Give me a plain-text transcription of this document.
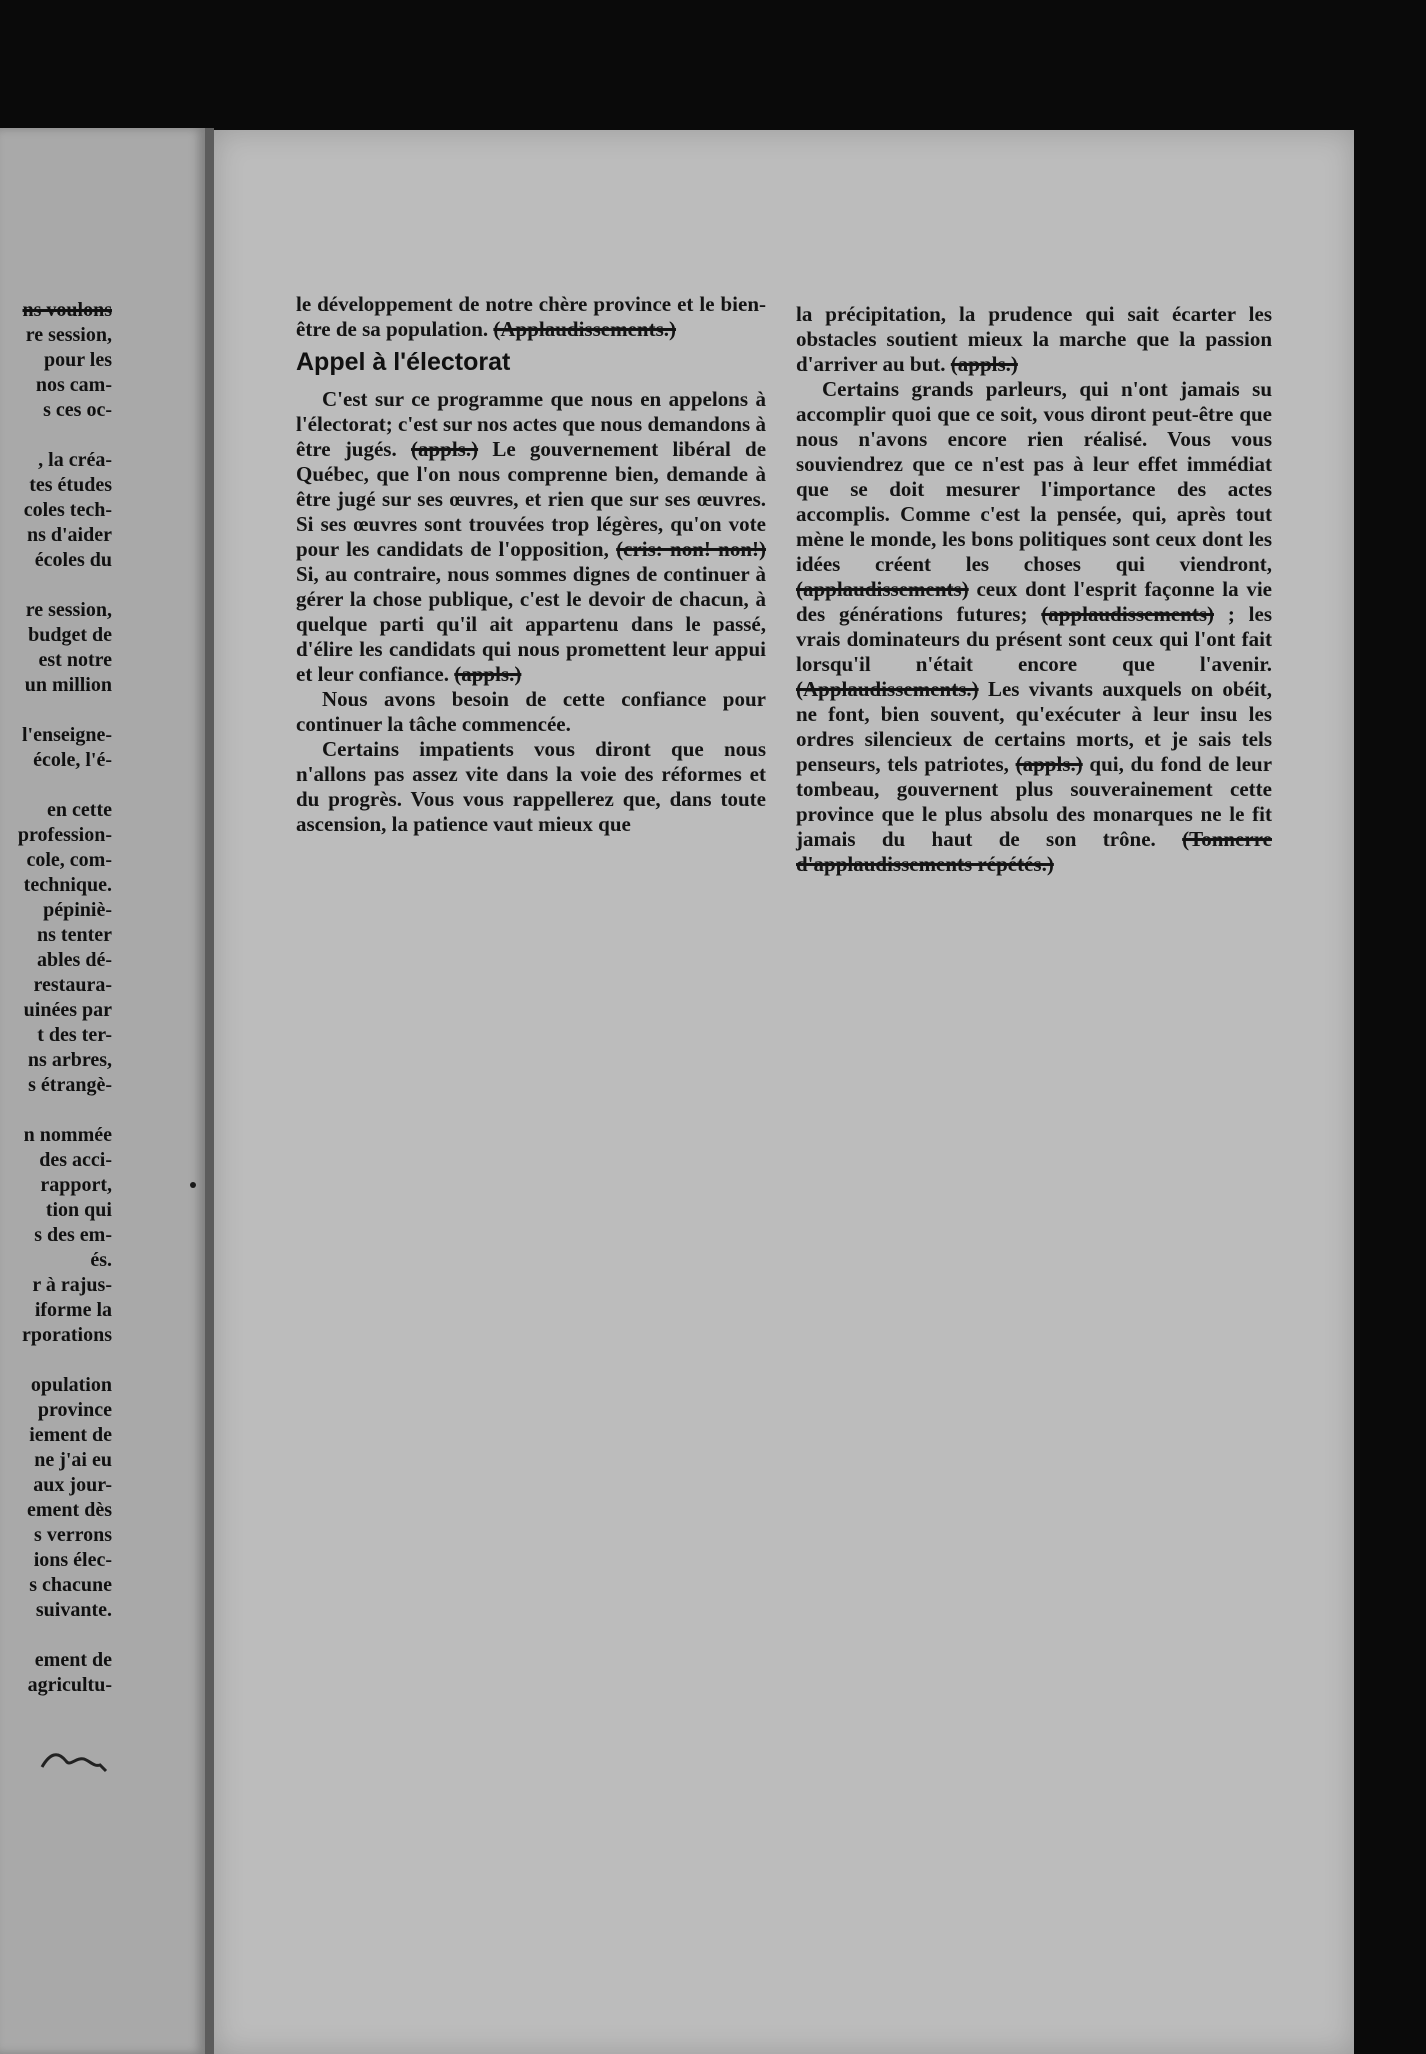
le développement de notre chère province et le bien-être de sa population. (Applaudissements.)

Appel à l'électorat

C'est sur ce programme que nous en appelons à l'électorat; c'est sur nos actes que nous demandons à être jugés. (appls.) Le gouvernement libéral de Québec, que l'on nous comprenne bien, demande à être jugé sur ses œuvres, et rien que sur ses œuvres. Si ses œuvres sont trouvées trop légères, qu'on vote pour les candidats de l'opposition, (cris: non! non!) Si, au contraire, nous sommes dignes de continuer à gérer la chose publique, c'est le devoir de chacun, à quelque parti qu'il ait appartenu dans le passé, d'élire les candidats qui nous promettent leur appui et leur confiance. (appls.)

Nous avons besoin de cette confiance pour continuer la tâche commencée.

Certains impatients vous diront que nous n'allons pas assez vite dans la voie des réformes et du progrès. Vous vous rappellerez que, dans toute ascension, la patience vaut mieux que

la précipitation, la prudence qui sait écarter les obstacles soutient mieux la marche que la passion d'arriver au but. (appls.)

Certains grands parleurs, qui n'ont jamais su accomplir quoi que ce soit, vous diront peut-être que nous n'avons encore rien réalisé. Vous vous souviendrez que ce n'est pas à leur effet immédiat que se doit mesurer l'importance des actes accomplis. Comme c'est la pensée, qui, après tout mène le monde, les bons politiques sont ceux dont les idées créent les choses qui viendront, (applaudissements) ceux dont l'esprit façonne la vie des générations futures; (applaudissements) ; les vrais dominateurs du présent sont ceux qui l'ont fait lorsqu'il n'était encore que l'avenir. (Applaudissements.) Les vivants auxquels on obéit, ne font, bien souvent, qu'exécuter à leur insu les ordres silencieux de certains morts, et je sais tels penseurs, tels patriotes, (appls.) qui, du fond de leur tombeau, gouvernent plus souverainement cette province que le plus absolu des monarques ne le fit jamais du haut de son trône. (Tonnerre d'applaudissements répétés.)

ns voulons
re session,
pour les
nos cam-
s ces oc-
, la créa-
tes études
coles tech-
ns d'aider
écoles du
re session,
budget de
est notre
un million
l'enseigne-
école, l'é-
en cette
profession-
cole, com-
technique.
pépiniè-
ns tenter
ables dé-
restaura-
uinées par
t des ter-
ns arbres,
s étrangè-
n nommée
des acci-
rapport,
tion qui
s des em-
és.
r à rajus-
iforme la
rporations
opulation
province
iement de
ne j'ai eu
aux jour-
ement dès
s verrons
ions élec-
s chacune
suivante.
ement de
agricultu-
